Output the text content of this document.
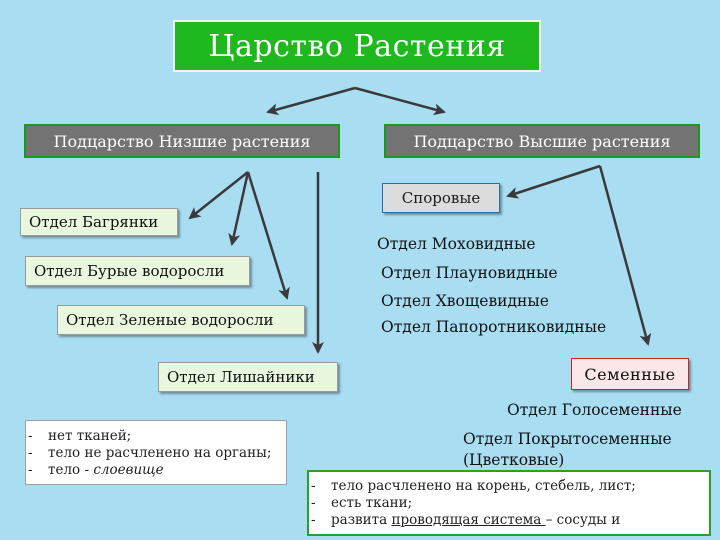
Царство Растения
Подцарство Низшие растения	Подцарство Высшие растения
Отдел Багрянки
Отдел Бурые водоросли
Отдел Зеленые водоросли
Отдел Лишайники
Споровые
Отдел Моховидные
Отдел Плауновидные
Отдел Хвощевидные
Отдел Папоротниковидные
Семенные
Отдел Голосеменные
Отдел Покрытосеменные
(Цветковые)
- нет тканей;
- тело не расчленено на органы;
- тело - слоевище
- тело расчленено на корень, стебель, лист;
- есть ткани;
- развита проводящая система – сосуды и
